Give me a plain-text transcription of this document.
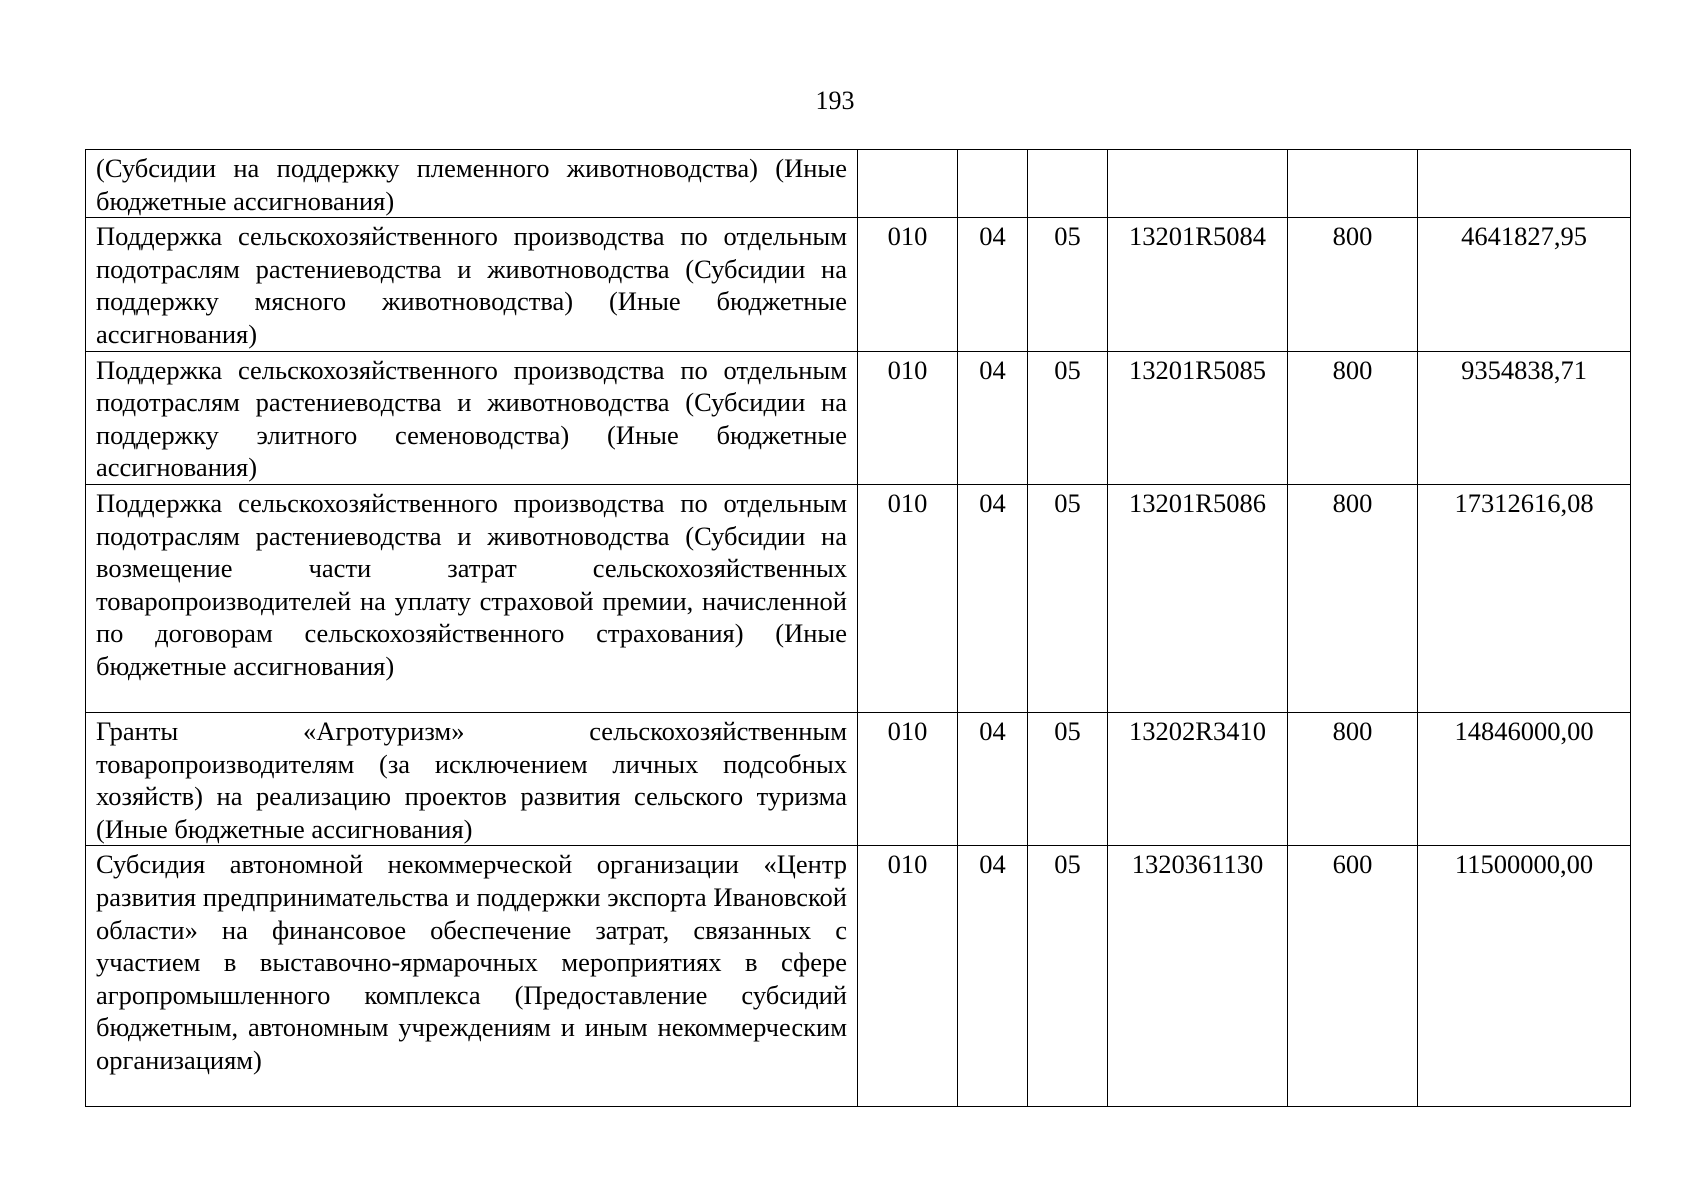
193
(Субсидии на поддержку племенного животноводства) (Иные бюджетные ассигнования)						
Поддержка сельскохозяйственного производства по отдельным подотраслям растениеводства и животноводства (Субсидии на поддержку мясного животноводства) (Иные бюджетные ассигнования)	010	04	05	13201R5084	800	4641827,95
Поддержка сельскохозяйственного производства по отдельным подотраслям растениеводства и животноводства (Субсидии на поддержку элитного семеноводства) (Иные бюджетные ассигнования)	010	04	05	13201R5085	800	9354838,71
Поддержка сельскохозяйственного производства по отдельным подотраслям растениеводства и животноводства (Субсидии на возмещение части затрат сельскохозяйственных товаропроизводителей на уплату страховой премии, начисленной по договорам сельскохозяйственного страхования) (Иные бюджетные ассигнования)	010	04	05	13201R5086	800	17312616,08
Гранты «Агротуризм» сельскохозяйственным товаропроизводителям (за исключением личных подсобных хозяйств) на реализацию проектов развития сельского туризма (Иные бюджетные ассигнования)	010	04	05	13202R3410	800	14846000,00
Субсидия автономной некоммерческой организации «Центр развития предпринимательства и поддержки экспорта Ивановской области» на финансовое обеспечение затрат, связанных с участием в выставочно-ярмарочных мероприятиях в сфере агропромышленного комплекса (Предоставление субсидий бюджетным, автономным учреждениям и иным некоммерческим организациям)	010	04	05	1320361130	600	11500000,00
